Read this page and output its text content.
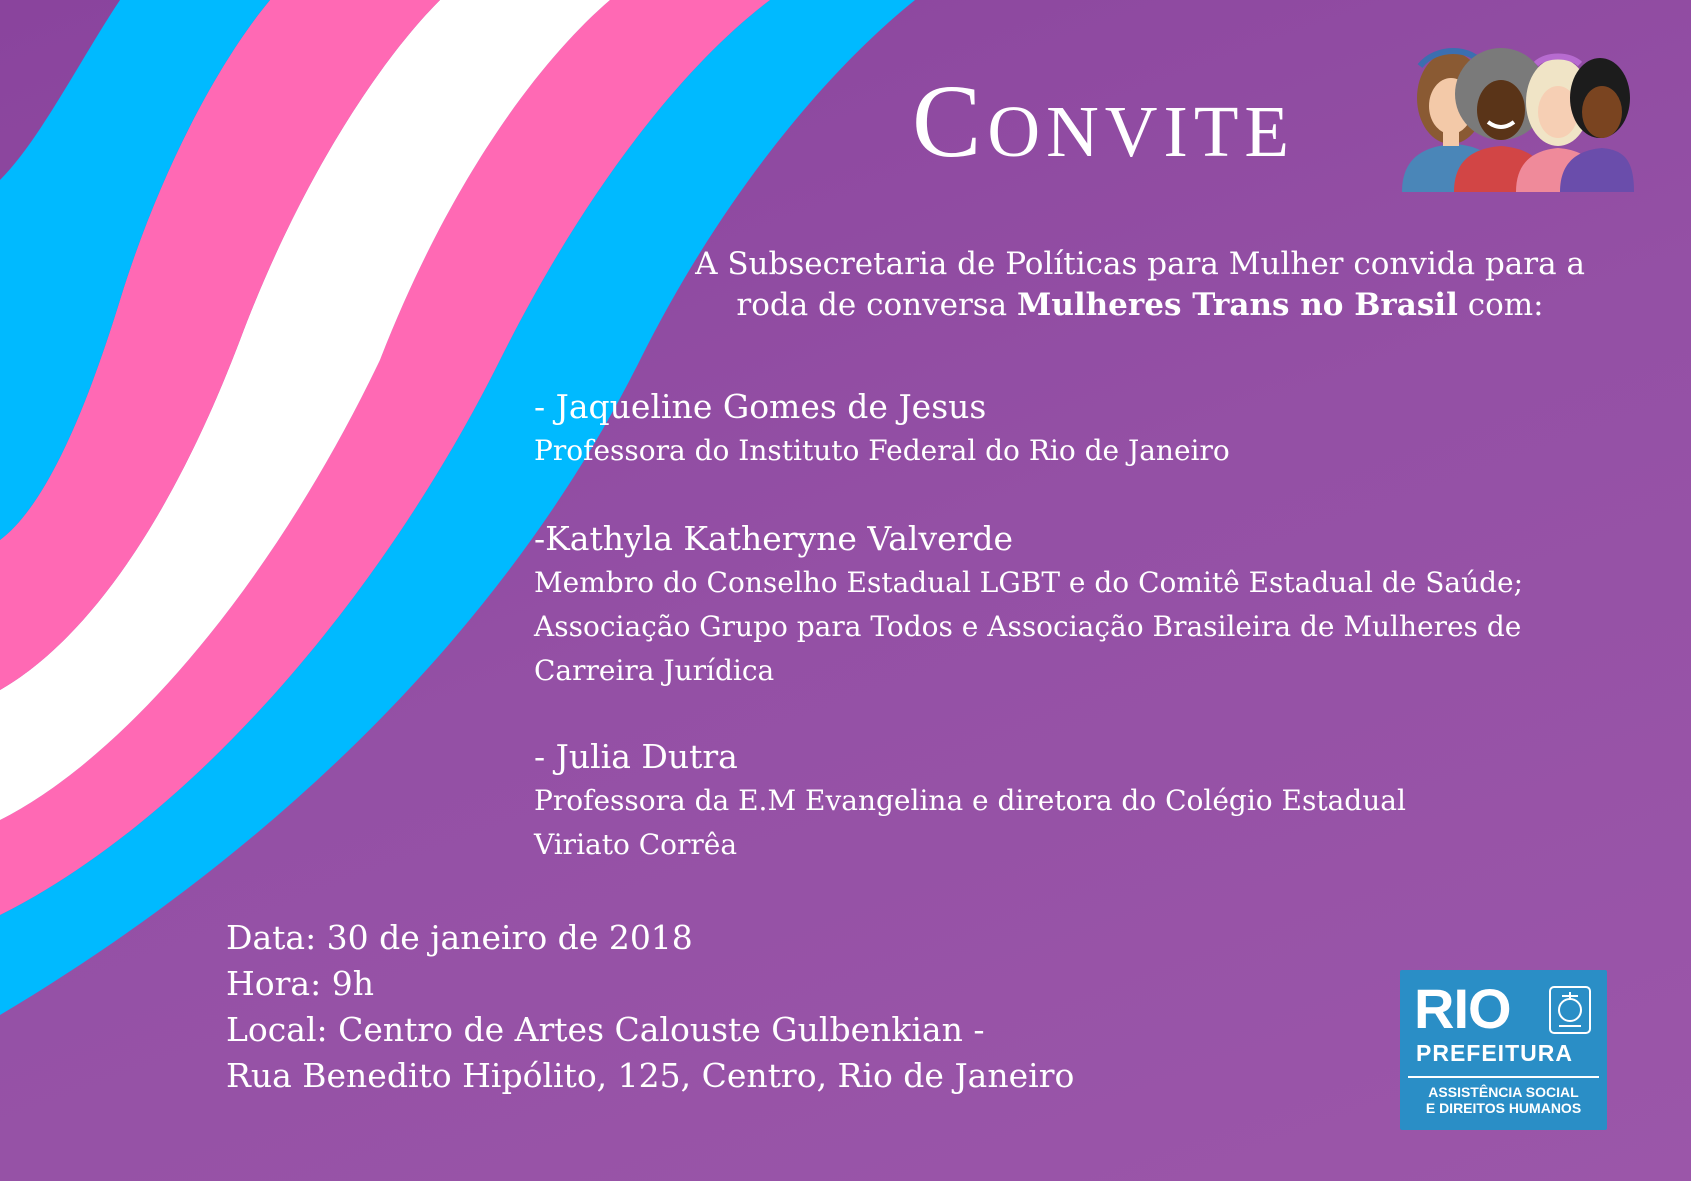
Convite
A Subsecretaria de Políticas para Mulher convida para a
roda de conversa Mulheres Trans no Brasil com:
- Jaqueline Gomes de Jesus
Professora do Instituto Federal do Rio de Janeiro
-Kathyla Katheryne Valverde
Membro do Conselho Estadual LGBT e do Comitê Estadual de Saúde;
Associação Grupo para Todos e Associação Brasileira de Mulheres de
Carreira Jurídica
- Julia Dutra
Professora da E.M Evangelina e diretora do Colégio Estadual
Viriato Corrêa
Data: 30 de janeiro de 2018
Hora: 9h
Local: Centro de Artes Calouste Gulbenkian -
Rua Benedito Hipólito, 125, Centro, Rio de Janeiro
RIO
PREFEITURA
ASSISTÊNCIA SOCIAL
E DIREITOS HUMANOS
